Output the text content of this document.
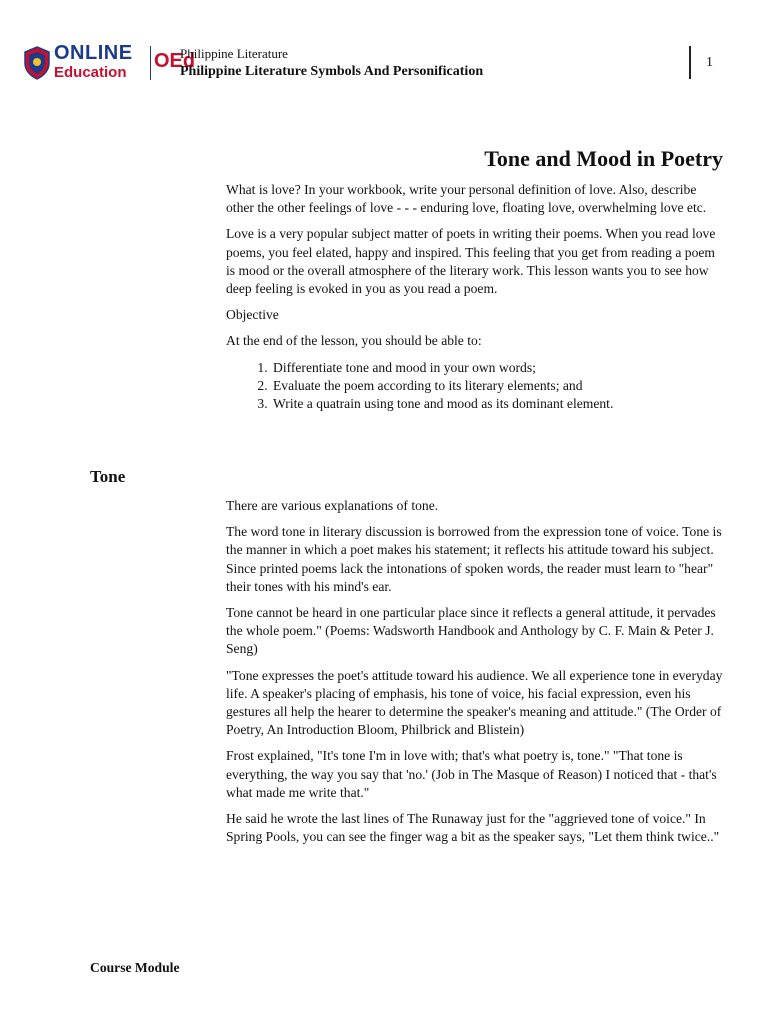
ONLINE
Education
OEd
Philippine Literature
Philippine Literature Symbols And Personification
1
Tone and Mood in Poetry

What is love? In your workbook, write your personal definition of love. Also, describe other the other feelings of love - - - enduring love, floating love, overwhelming love etc.

Love is a very popular subject matter of poets in writing their poems. When you read love poems, you feel elated, happy and inspired. This feeling that you get from reading a poem is mood or the overall atmosphere of the literary work. This lesson wants you to see how deep feeling is evoked in you as you read a poem.

Objective

At the end of the lesson, you should be able to:

1. Differentiate tone and mood in your own words;
2. Evaluate the poem according to its literary elements; and
3. Write a quatrain using tone and mood as its dominant element.
Tone

There are various explanations of tone.

The word tone in literary discussion is borrowed from the expression tone of voice. Tone is the manner in which a poet makes his statement; it reflects his attitude toward his subject. Since printed poems lack the intonations of spoken words, the reader must learn to "hear" their tones with his mind's ear.

Tone cannot be heard in one particular place since it reflects a general attitude, it pervades the whole poem." (Poems: Wadsworth Handbook and Anthology by C. F. Main & Peter J. Seng)

"Tone expresses the poet's attitude toward his audience. We all experience tone in everyday life. A speaker's placing of emphasis, his tone of voice, his facial expression, even his gestures all help the hearer to determine the speaker's meaning and attitude." (The Order of Poetry, An Introduction Bloom, Philbrick and Blistein)

Frost explained, "It's tone I'm in love with; that's what poetry is, tone." "That tone is everything, the way you say that 'no.' (Job in The Masque of Reason) I noticed that - that's what made me write that."

He said he wrote the last lines of The Runaway just for the "aggrieved tone of voice." In Spring Pools, you can see the finger wag a bit as the speaker says, "Let them think twice.."

Course Module
